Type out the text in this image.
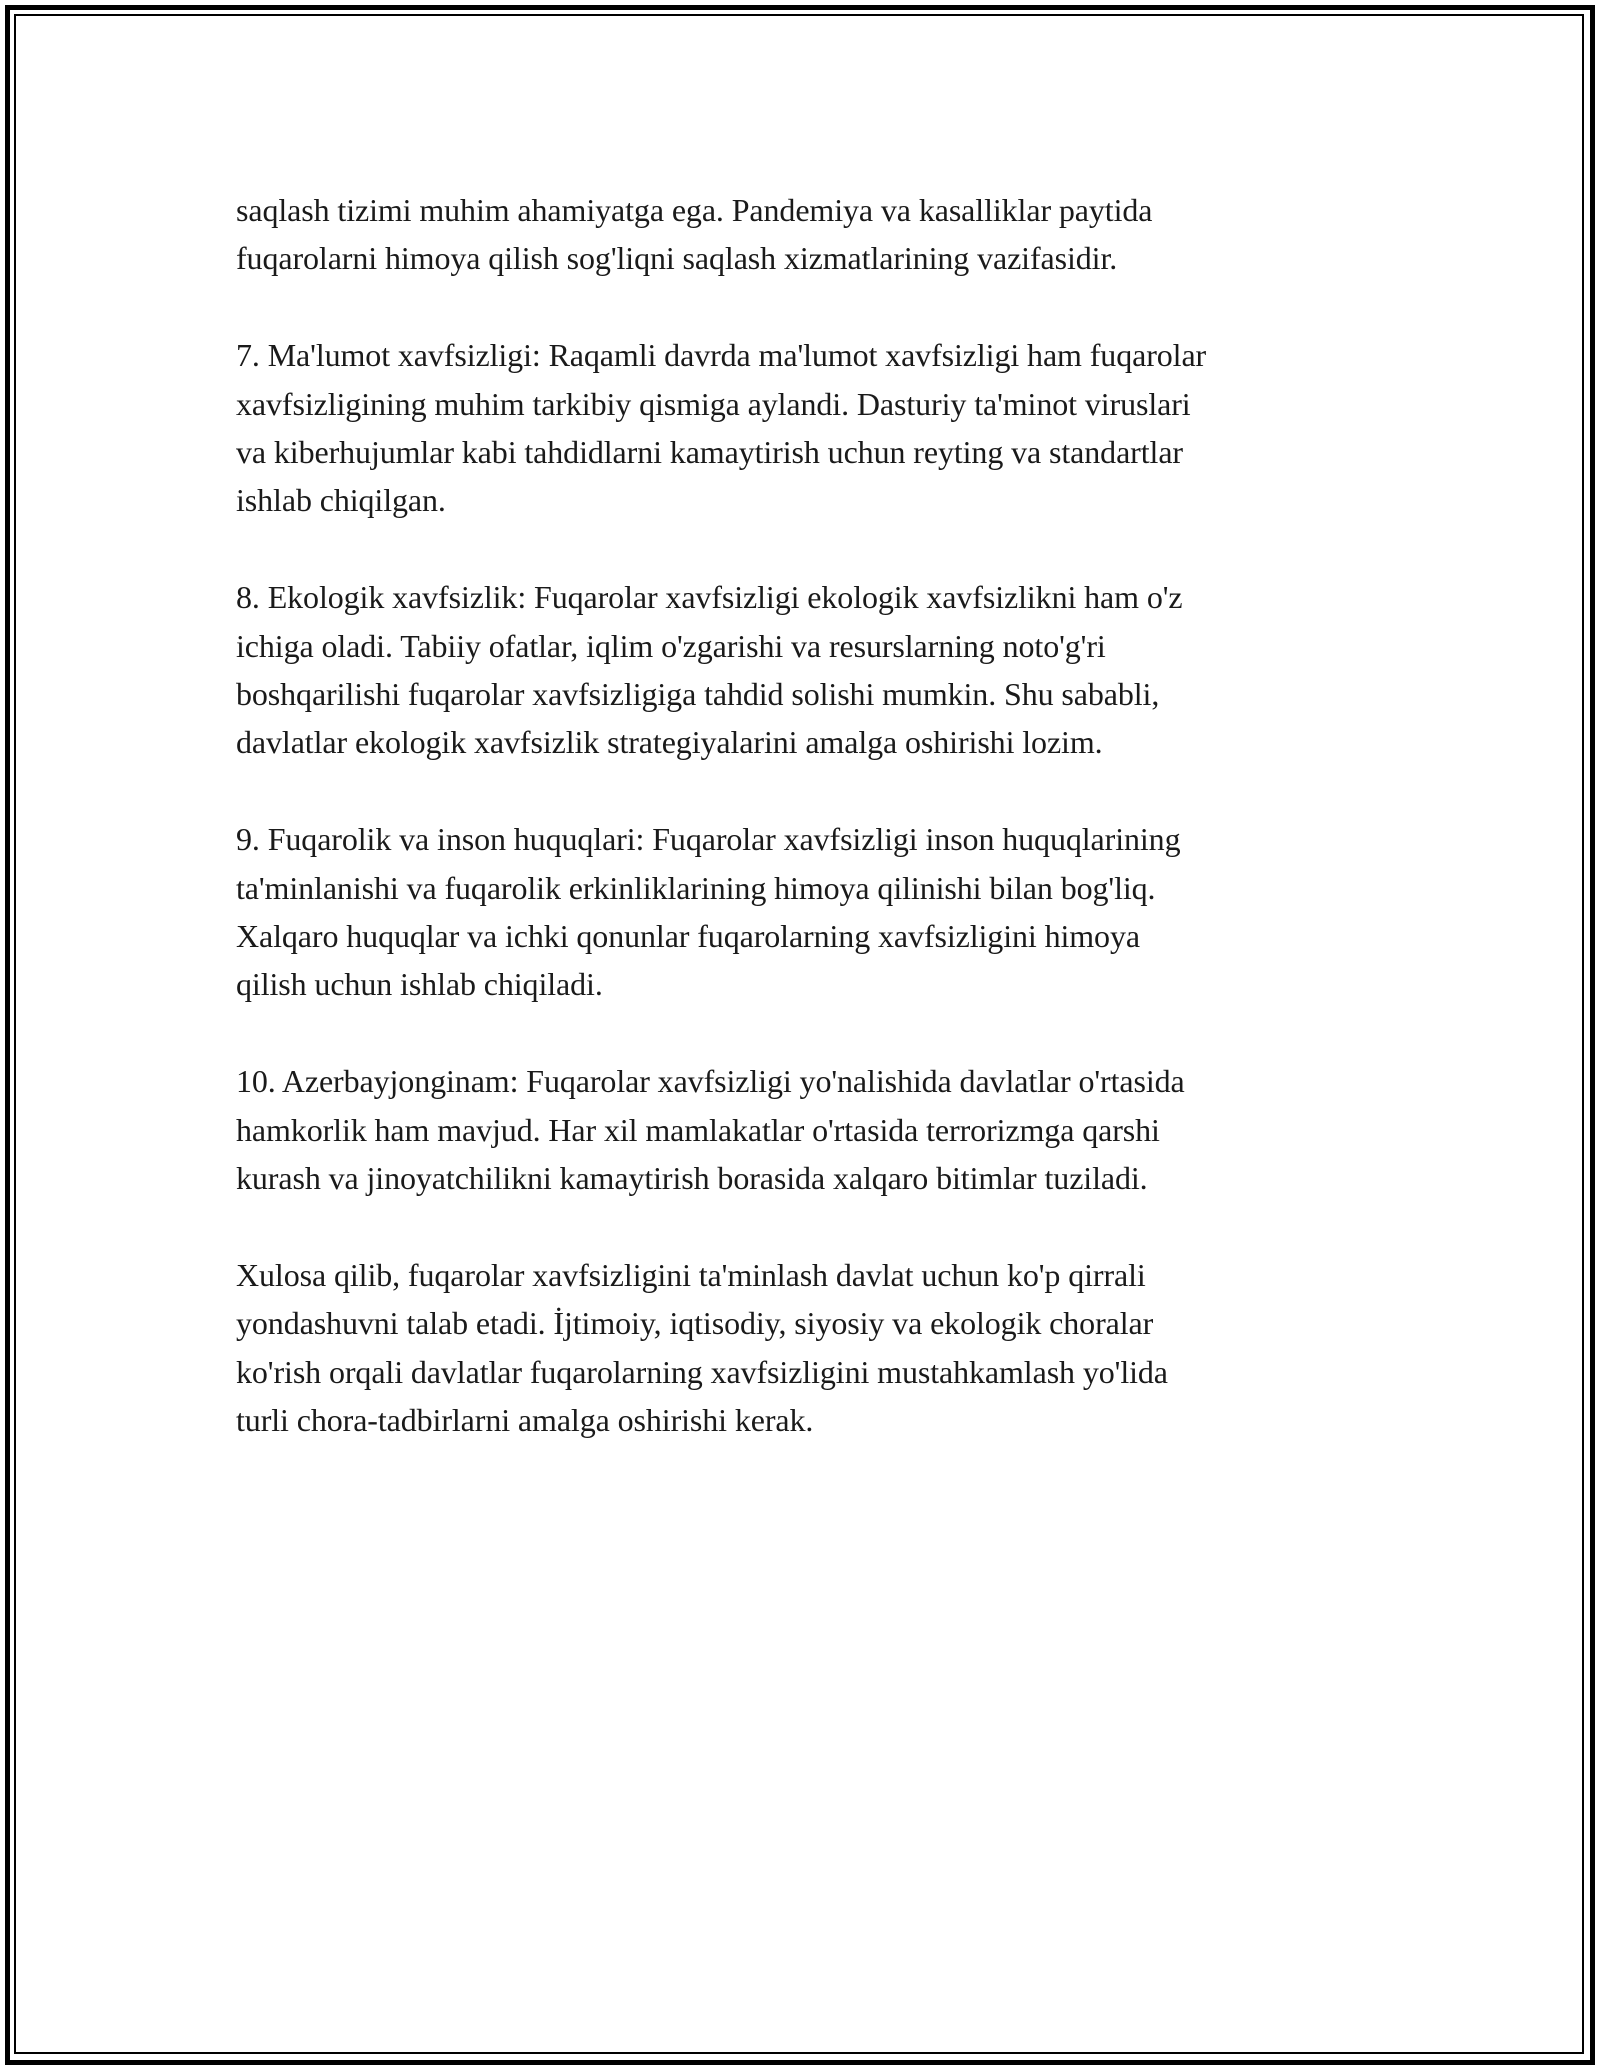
saqlash tizimi muhim ahamiyatga ega. Pandemiya va kasalliklar paytida
fuqarolarni himoya qilish sog'liqni saqlash xizmatlarining vazifasidir.
7. Ma'lumot xavfsizligi: Raqamli davrda ma'lumot xavfsizligi ham fuqarolar
xavfsizligining muhim tarkibiy qismiga aylandi. Dasturiy ta'minot viruslari
va kiberhujumlar kabi tahdidlarni kamaytirish uchun reyting va standartlar
ishlab chiqilgan.
8. Ekologik xavfsizlik: Fuqarolar xavfsizligi ekologik xavfsizlikni ham o'z
ichiga oladi. Tabiiy ofatlar, iqlim o'zgarishi va resurslarning noto'g'ri
boshqarilishi fuqarolar xavfsizligiga tahdid solishi mumkin. Shu sababli,
davlatlar ekologik xavfsizlik strategiyalarini amalga oshirishi lozim.
9. Fuqarolik va inson huquqlari: Fuqarolar xavfsizligi inson huquqlarining
ta'minlanishi va fuqarolik erkinliklarining himoya qilinishi bilan bog'liq.
Xalqaro huquqlar va ichki qonunlar fuqarolarning xavfsizligini himoya
qilish uchun ishlab chiqiladi.
10. Azerbayjonginam: Fuqarolar xavfsizligi yo'nalishida davlatlar o'rtasida
hamkorlik ham mavjud. Har xil mamlakatlar o'rtasida terrorizmga qarshi
kurash va jinoyatchilikni kamaytirish borasida xalqaro bitimlar tuziladi.
Xulosa qilib, fuqarolar xavfsizligini ta'minlash davlat uchun ko'p qirrali
yondashuvni talab etadi. İjtimoiy, iqtisodiy, siyosiy va ekologik choralar
ko'rish orqali davlatlar fuqarolarning xavfsizligini mustahkamlash yo'lida
turli chora-tadbirlarni amalga oshirishi kerak.
